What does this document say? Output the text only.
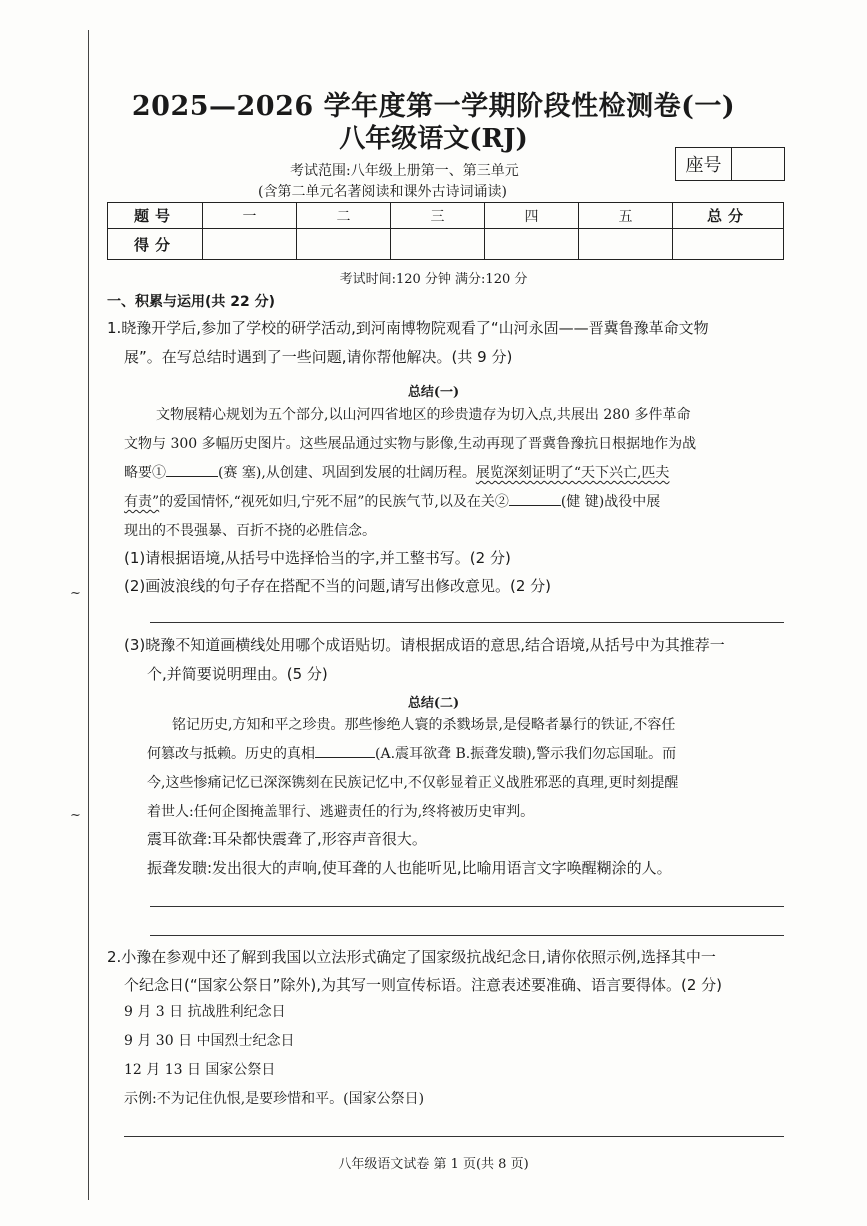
~
~
2025—2026 学年度第一学期阶段性检测卷(一)
八年级语文(RJ)
考试范围:八年级上册第一、第三单元
(含第二单元名著阅读和课外古诗词诵读)
座号
题号	一	二	三	四	五	总分
得分						
考试时间:120 分钟 满分:120 分
一、积累与运用(共 22 分)
1.晓豫开学后,参加了学校的研学活动,到河南博物院观看了“山河永固——晋冀鲁豫革命文物
展”。在写总结时遇到了一些问题,请你帮他解决。(共 9 分)
总结(一)
文物展精心规划为五个部分,以山河四省地区的珍贵遗存为切入点,共展出 280 多件革命
文物与 300 多幅历史图片。这些展品通过实物与影像,生动再现了晋冀鲁豫抗日根据地作为战
略要①	(赛 塞),从创建、巩固到发展的壮阔历程。展览深刻证明了“天下兴亡,匹夫
有责”的爱国情怀,“视死如归,宁死不屈”的民族气节,以及在关②	(健 键)战役中展
现出的不畏强暴、百折不挠的必胜信念。
(1)请根据语境,从括号中选择恰当的字,并工整书写。(2 分)
(2)画波浪线的句子存在搭配不当的问题,请写出修改意见。(2 分)
(3)晓豫不知道画横线处用哪个成语贴切。请根据成语的意思,结合语境,从括号中为其推荐一
个,并简要说明理由。(5 分)
总结(二)
铭记历史,方知和平之珍贵。那些惨绝人寰的杀戮场景,是侵略者暴行的铁证,不容任
何篡改与抵赖。历史的真相	(A.震耳欲聋 B.振聋发聩),警示我们勿忘国耻。而
今,这些惨痛记忆已深深镌刻在民族记忆中,不仅彰显着正义战胜邪恶的真理,更时刻提醒
着世人:任何企图掩盖罪行、逃避责任的行为,终将被历史审判。
震耳欲聋:耳朵都快震聋了,形容声音很大。
振聋发聩:发出很大的声响,使耳聋的人也能听见,比喻用语言文字唤醒糊涂的人。
2.小豫在参观中还了解到我国以立法形式确定了国家级抗战纪念日,请你依照示例,选择其中一
个纪念日(“国家公祭日”除外),为其写一则宣传标语。注意表述要准确、语言要得体。(2 分)
9 月 3 日 抗战胜利纪念日
9 月 30 日 中国烈士纪念日
12 月 13 日 国家公祭日
示例:不为记住仇恨,是要珍惜和平。(国家公祭日)
八年级语文试卷 第 1 页(共 8 页)
